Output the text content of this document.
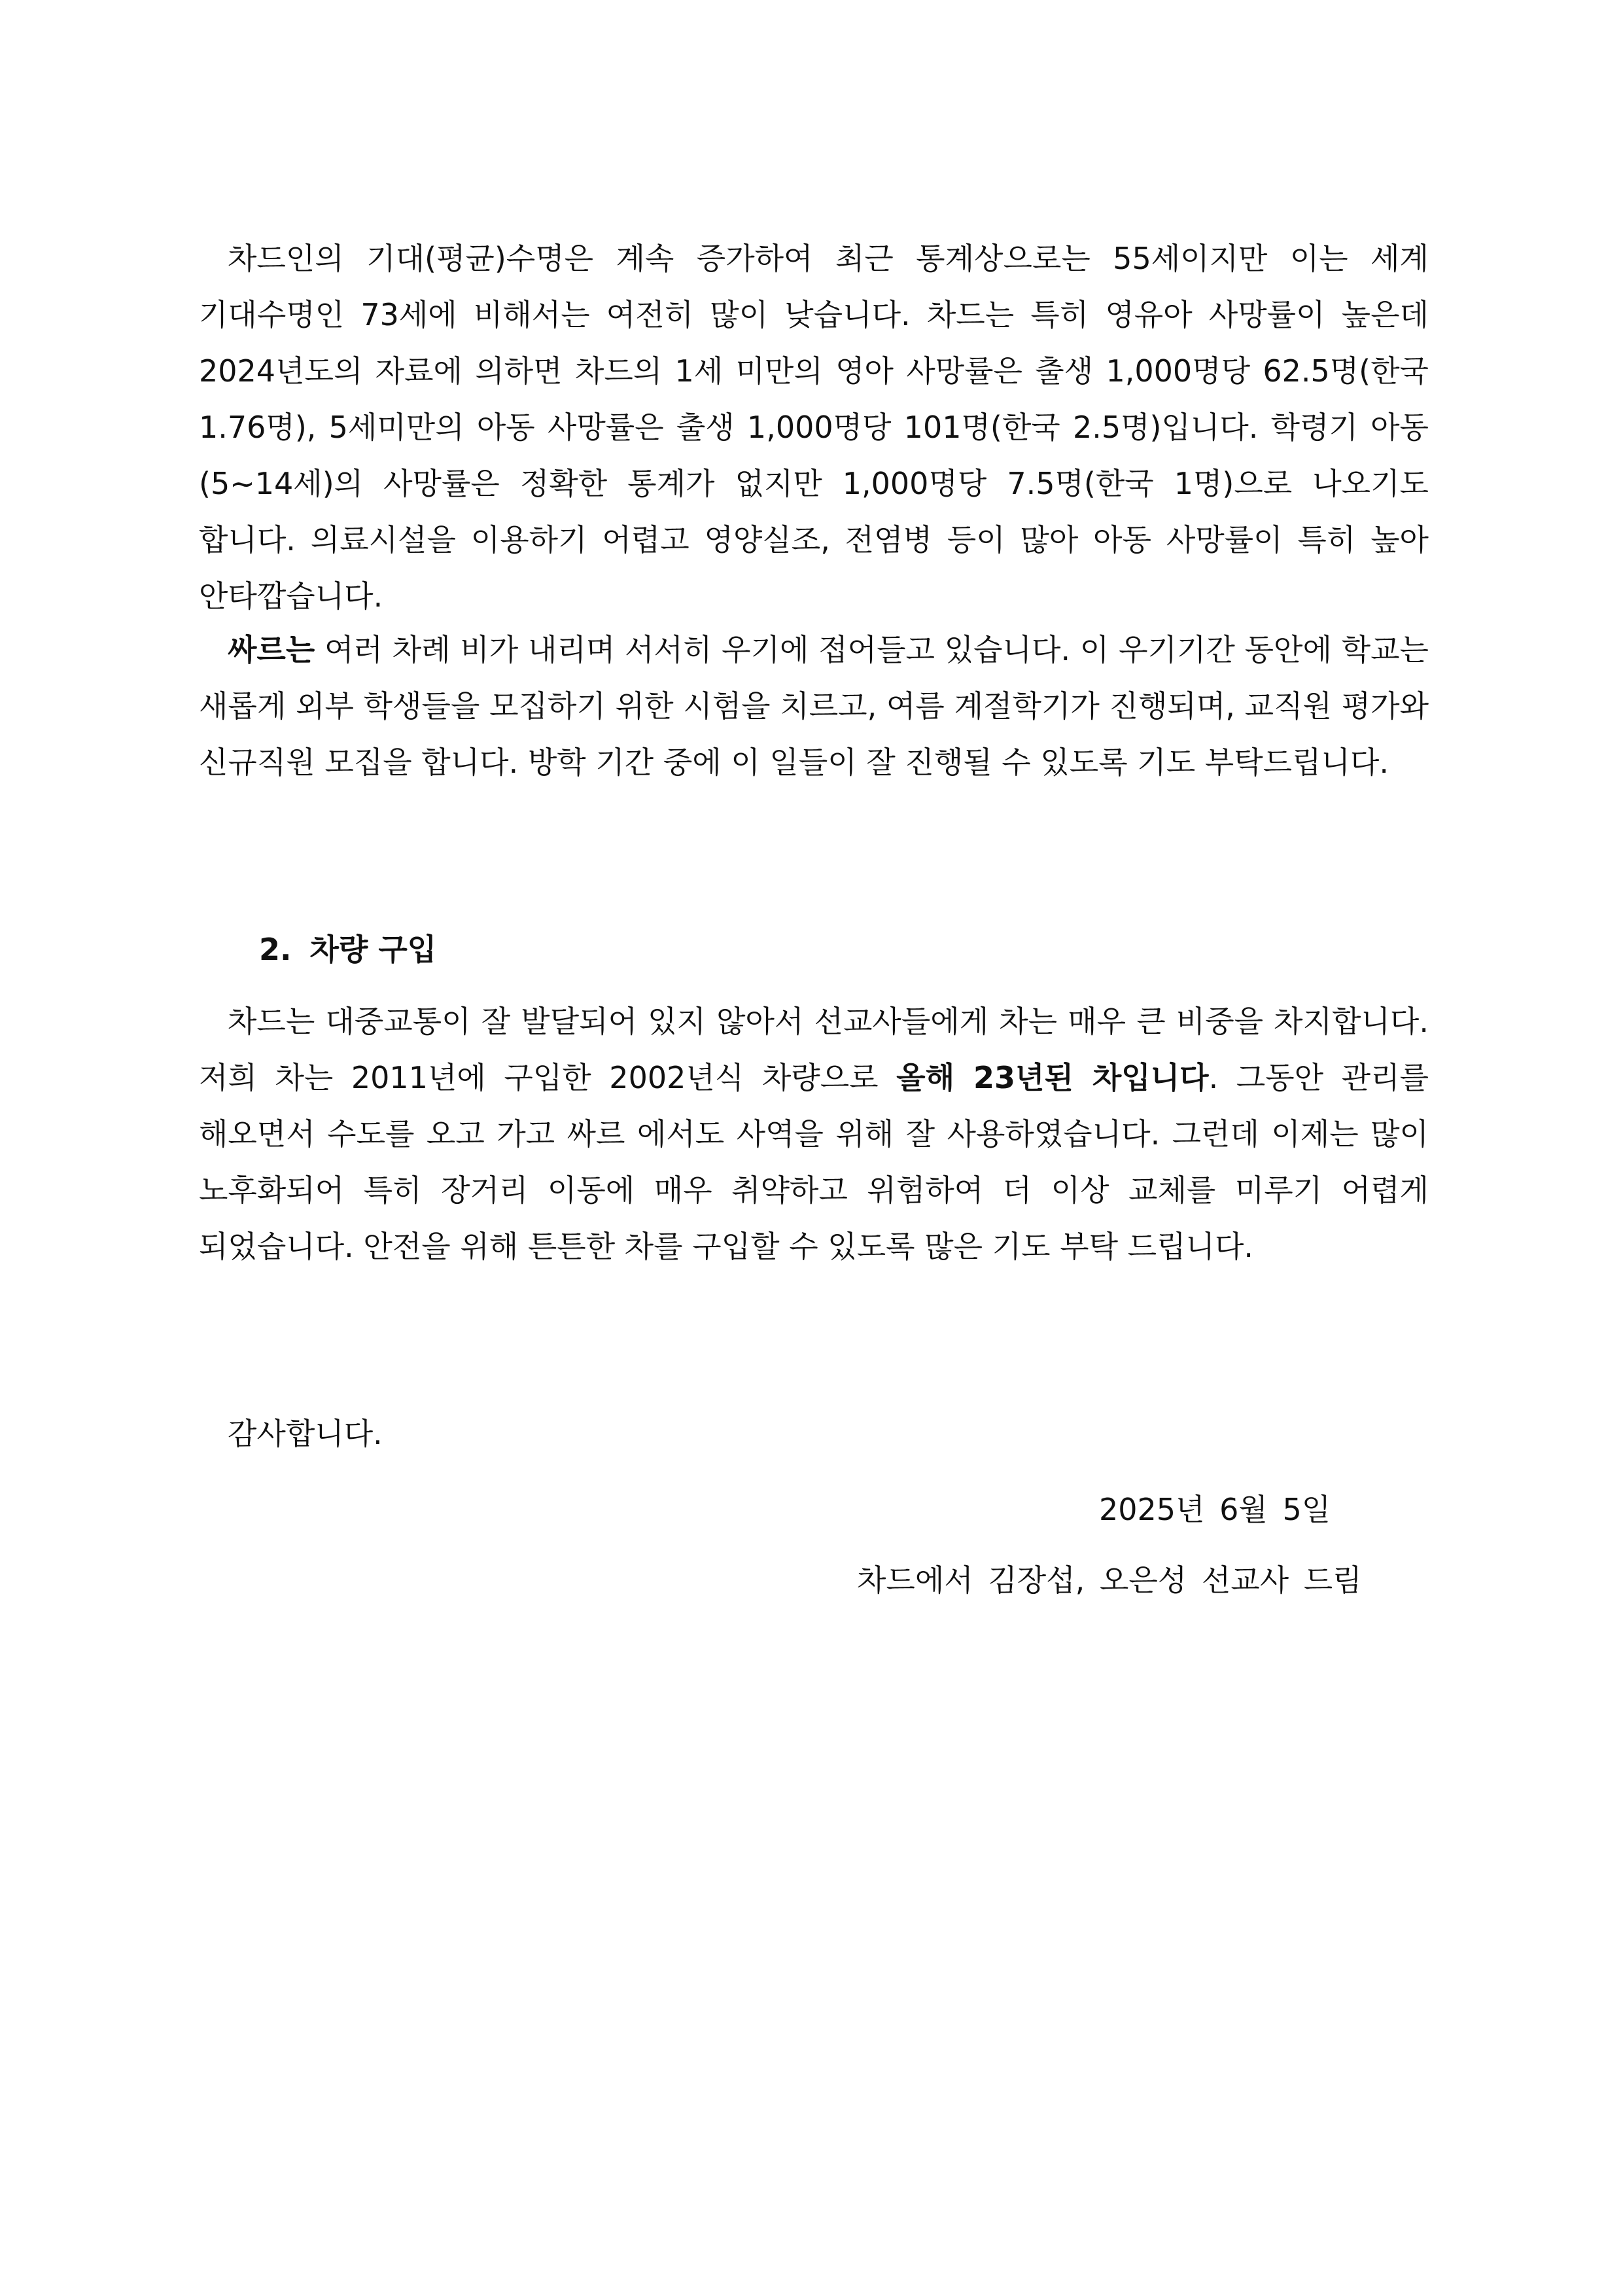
차드인의 기대(평균)수명은 계속 증가하여 최근 통계상으로는 55세이지만 이는 세계 기대수명인 73세에 비해서는 여전히 많이 낮습니다. 차드는 특히 영유아 사망률이 높은데 2024년도의 자료에 의하면 차드의 1세 미만의 영아 사망률은 출생 1,000명당 62.5명(한국 1.76명), 5세미만의 아동 사망률은 출생 1,000명당 101명(한국 2.5명)입니다. 학령기 아동(5~14세)의 사망률은 정확한 통계가 없지만 1,000명당 7.5명(한국 1명)으로 나오기도 합니다. 의료시설을 이용하기 어렵고 영양실조, 전염병 등이 많아 아동 사망률이 특히 높아 안타깝습니다.

싸르는 여러 차례 비가 내리며 서서히 우기에 접어들고 있습니다. 이 우기기간 동안에 학교는 새롭게 외부 학생들을 모집하기 위한 시험을 치르고, 여름 계절학기가 진행되며, 교직원 평가와 신규직원 모집을 합니다. 방학 기간 중에 이 일들이 잘 진행될 수 있도록 기도 부탁드립니다.

2. 차량 구입

차드는 대중교통이 잘 발달되어 있지 않아서 선교사들에게 차는 매우 큰 비중을 차지합니다. 저희 차는 2011년에 구입한 2002년식 차량으로 올해 23년된 차입니다. 그동안 관리를 해오면서 수도를 오고 가고 싸르 에서도 사역을 위해 잘 사용하였습니다. 그런데 이제는 많이 노후화되어 특히 장거리 이동에 매우 취약하고 위험하여 더 이상 교체를 미루기 어렵게 되었습니다. 안전을 위해 튼튼한 차를 구입할 수 있도록 많은 기도 부탁 드립니다.

감사합니다.

2025년 6월 5일

차드에서 김장섭, 오은성 선교사 드림
